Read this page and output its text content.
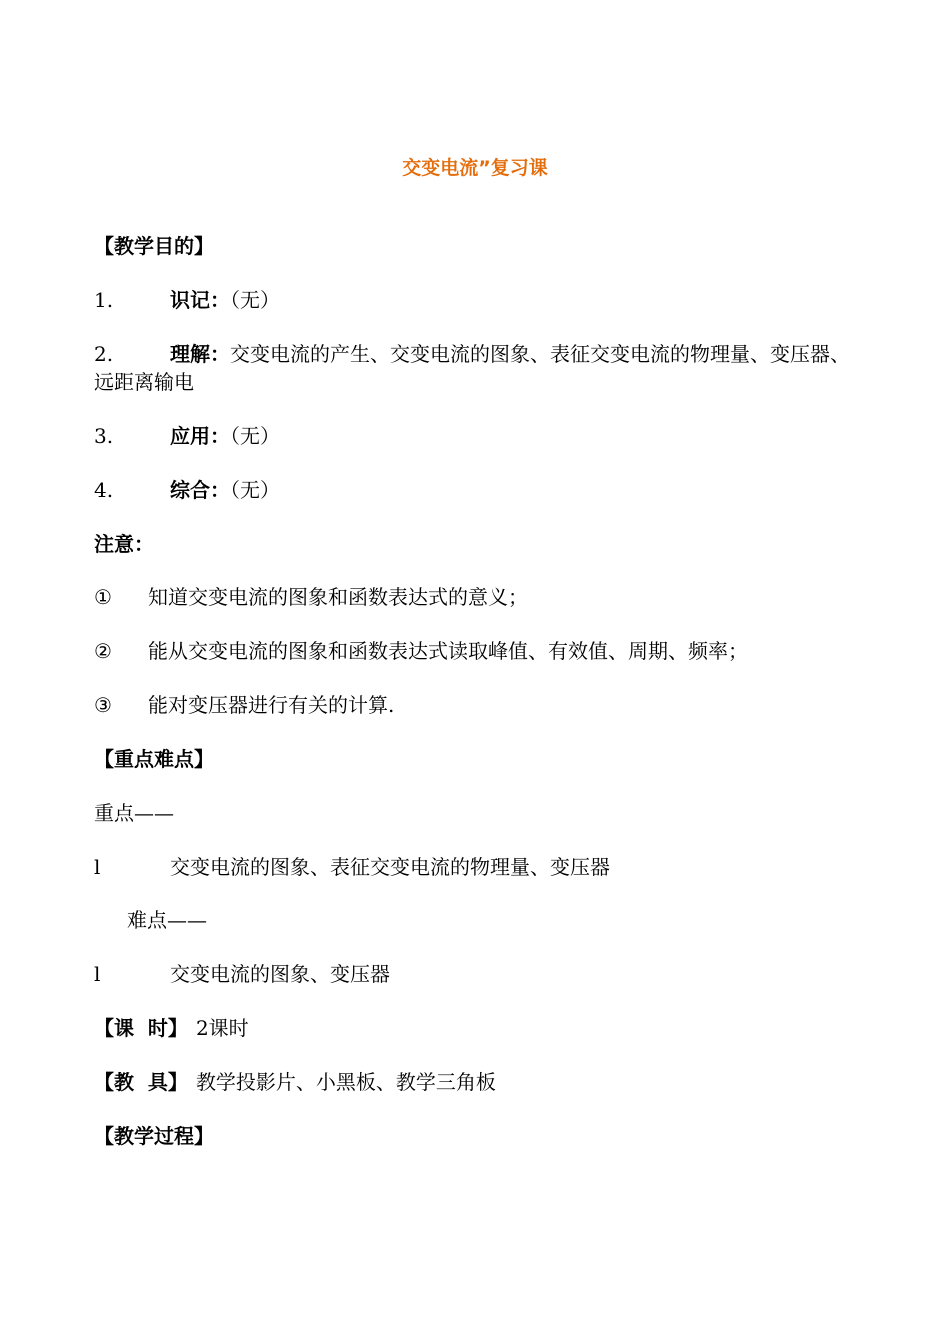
交变电流”复习课
【教学目的】
1.	识记：（无）
2.	理解：交变电流的产生、交变电流的图象、表征交变电流的物理量、变压器、远距离输电
3.	应用：（无）
4.	综合：（无）
注意：
① 知道交变电流的图象和函数表达式的意义；
② 能从交变电流的图象和函数表达式读取峰值、有效值、周期、频率；
③ 能对变压器进行有关的计算.
【重点难点】
重点——
l	交变电流的图象、表征交变电流的物理量、变压器
难点——
l	交变电流的图象、变压器
【课  时】 2课时
【教  具】 教学投影片、小黑板、教学三角板
【教学过程】
